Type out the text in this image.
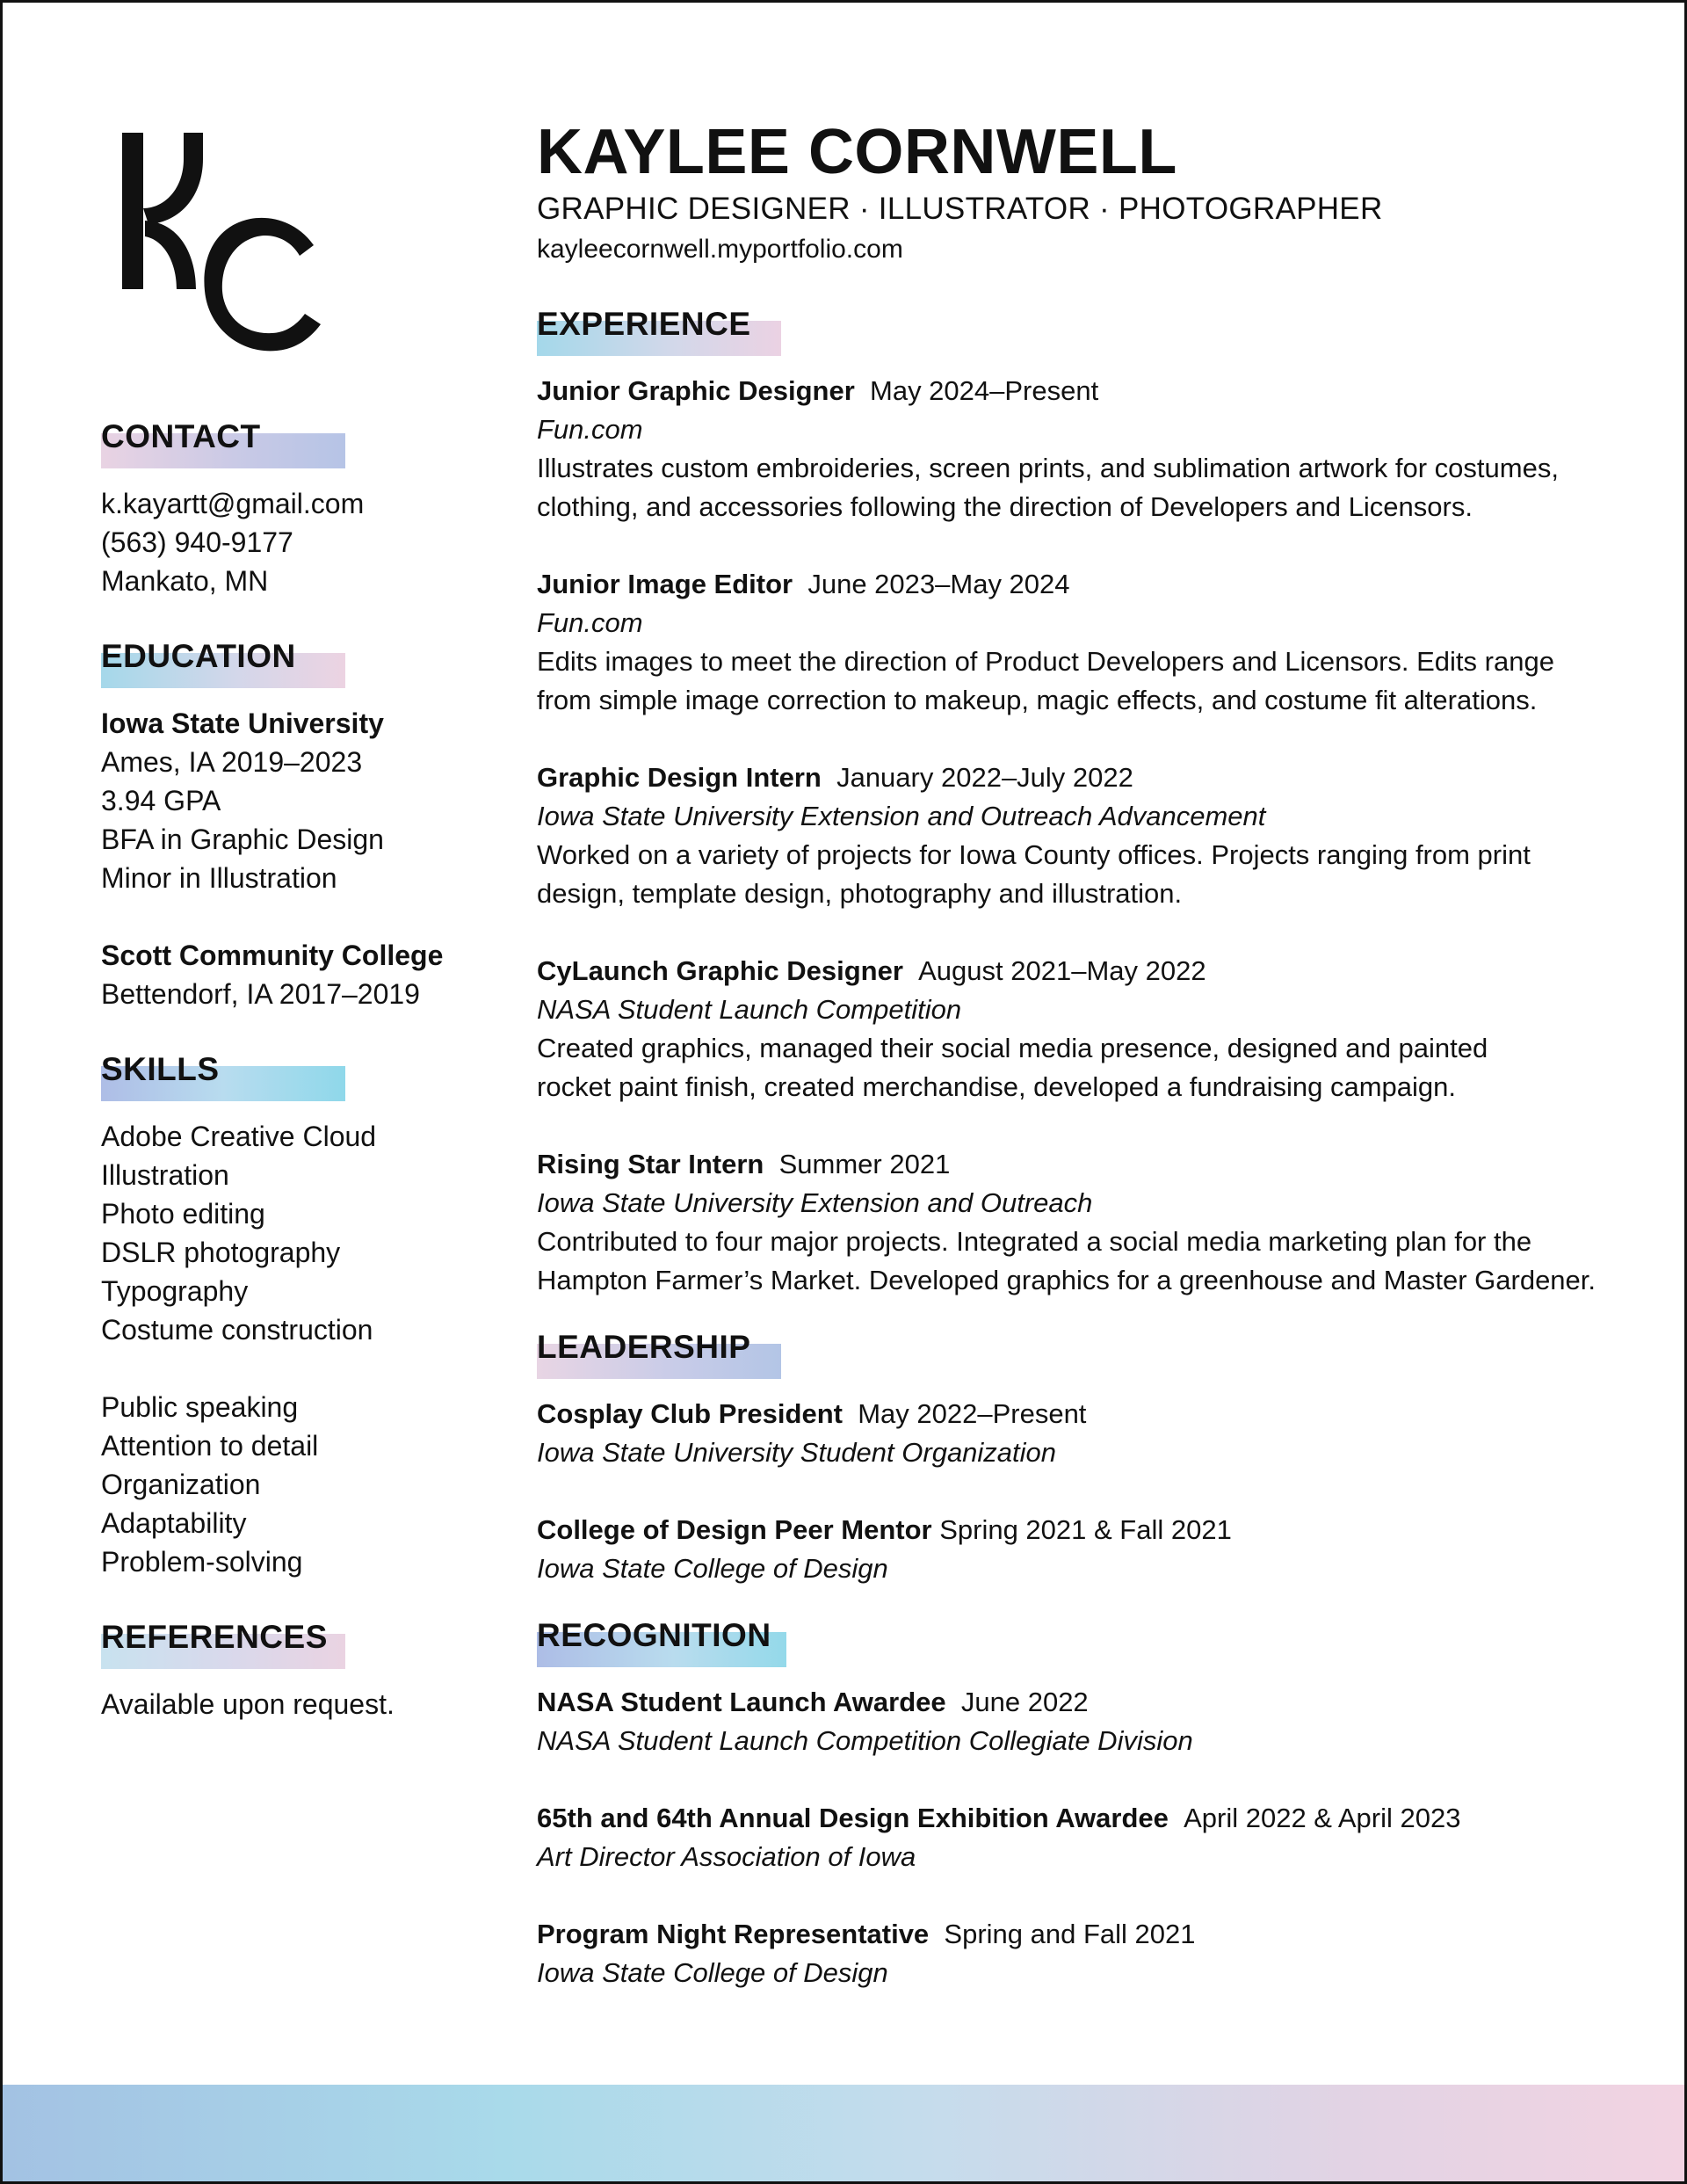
CONTACT
k.kayartt@gmail.com
(563) 940-9177
Mankato, MN
EDUCATION
Iowa State University
Ames, IA 2019–2023
3.94 GPA
BFA in Graphic Design
Minor in Illustration
Scott Community College
Bettendorf, IA 2017–2019
SKILLS
Adobe Creative Cloud
Illustration
Photo editing
DSLR photography
Typography
Costume construction
Public speaking
Attention to detail
Organization
Adaptability
Problem-solving
REFERENCES
Available upon request.
KAYLEE CORNWELL
GRAPHIC DESIGNER · ILLUSTRATOR · PHOTOGRAPHER
kayleecornwell.myportfolio.com
EXPERIENCE
Junior Graphic Designer May 2024–Present
Fun.com
Illustrates custom embroideries, screen prints, and sublimation artwork for costumes,
clothing, and accessories following the direction of Developers and Licensors.
Junior Image Editor June 2023–May 2024
Fun.com
Edits images to meet the direction of Product Developers and Licensors. Edits range
from simple image correction to makeup, magic effects, and costume fit alterations.
Graphic Design Intern January 2022–July 2022
Iowa State University Extension and Outreach Advancement
Worked on a variety of projects for Iowa County offices. Projects ranging from print
design, template design, photography and illustration.
CyLaunch Graphic Designer August 2021–May 2022
NASA Student Launch Competition
Created graphics, managed their social media presence, designed and painted
rocket paint finish, created merchandise, developed a fundraising campaign.
Rising Star Intern Summer 2021
Iowa State University Extension and Outreach
Contributed to four major projects. Integrated a social media marketing plan for the
Hampton Farmer’s Market. Developed graphics for a greenhouse and Master Gardener.
LEADERSHIP
Cosplay Club President May 2022–Present
Iowa State University Student Organization
College of Design Peer Mentor Spring 2021 & Fall 2021
Iowa State College of Design
RECOGNITION
NASA Student Launch Awardee June 2022
NASA Student Launch Competition Collegiate Division
65th and 64th Annual Design Exhibition Awardee April 2022 & April 2023
Art Director Association of Iowa
Program Night Representative Spring and Fall 2021
Iowa State College of Design
